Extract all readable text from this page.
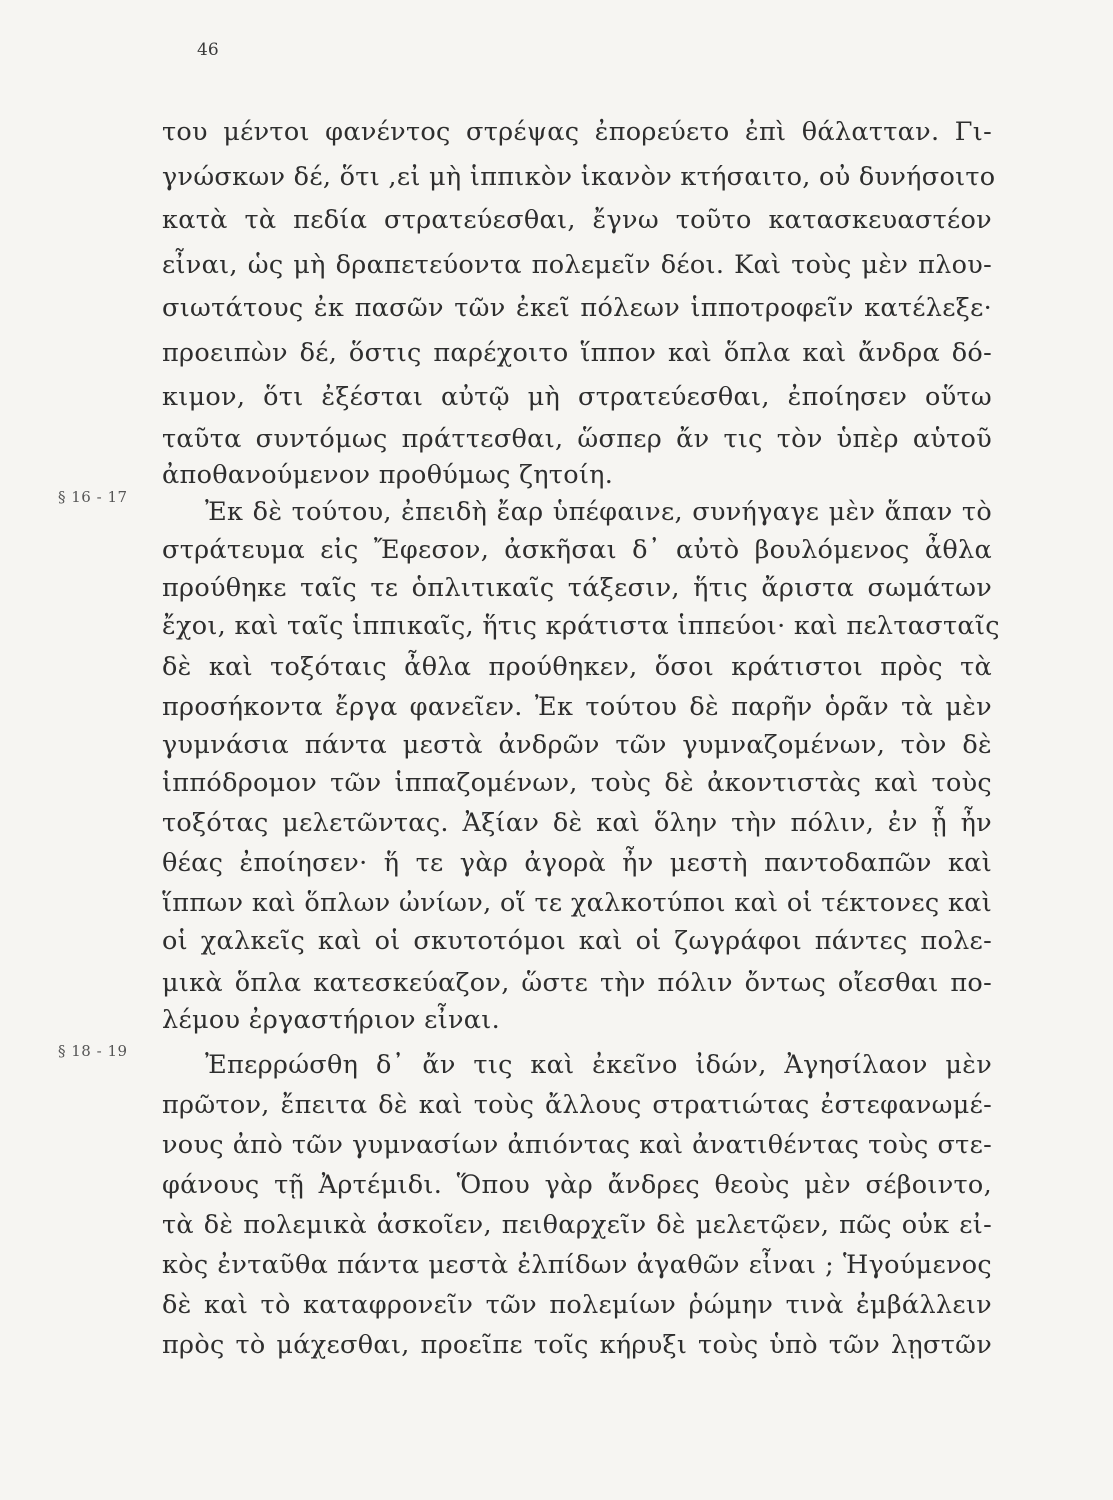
46
του μέντοι φανέντος στρέψας ἐπορεύετο ἐπὶ θάλατταν. Γι-
γνώσκων δέ, ὅτι ,εἰ μὴ ἱππικὸν ἱκανὸν κτήσαιτο, οὐ δυνήσοιτο
κατὰ τὰ πεδία στρατεύεσθαι, ἔγνω τοῦτο κατασκευαστέον
εἶναι, ὡς μὴ δραπετεύοντα πολεμεῖν δέοι. Καὶ τοὺς μὲν πλου-
σιωτάτους ἐκ πασῶν τῶν ἐκεῖ πόλεων ἱπποτροφεῖν κατέλεξε·
προειπὼν δέ, ὅστις παρέχοιτο ἵππον καὶ ὅπλα καὶ ἄνδρα δό-
κιμον, ὅτι ἐξέσται αὐτῷ μὴ στρατεύεσθαι, ἐποίησεν οὕτω
ταῦτα συντόμως πράττεσθαι, ὥσπερ ἄν τις τὸν ὑπὲρ αὑτοῦ
ἀποθανούμενον προθύμως ζητοίη.
§ 16 - 17	Ἐκ δὲ τούτου, ἐπειδὴ ἔαρ ὑπέφαινε, συνήγαγε μὲν ἅπαν τὸ
στράτευμα εἰς Ἔφεσον, ἀσκῆσαι δ᾽ αὐτὸ βουλόμενος ἆθλα
προύθηκε ταῖς τε ὁπλιτικαῖς τάξεσιν, ἥτις ἄριστα σωμάτων
ἔχοι, καὶ ταῖς ἱππικαῖς, ἥτις κράτιστα ἱππεύοι· καὶ πελτασταῖς
δὲ καὶ τοξόταις ἆθλα προύθηκεν, ὅσοι κράτιστοι πρὸς τὰ
προσήκοντα ἔργα φανεῖεν. Ἐκ τούτου δὲ παρῆν ὁρᾶν τὰ μὲν
γυμνάσια πάντα μεστὰ ἀνδρῶν τῶν γυμναζομένων, τὸν δὲ
ἱππόδρομον τῶν ἱππαζομένων, τοὺς δὲ ἀκοντιστὰς καὶ τοὺς
τοξότας μελετῶντας. Ἀξίαν δὲ καὶ ὅλην τὴν πόλιν, ἐν ᾗ ἦν
θέας ἐποίησεν· ἥ τε γὰρ ἀγορὰ ἦν μεστὴ παντοδαπῶν καὶ
ἵππων καὶ ὅπλων ὠνίων, οἵ τε χαλκοτύποι καὶ οἱ τέκτονες καὶ
οἱ χαλκεῖς καὶ οἱ σκυτοτόμοι καὶ οἱ ζωγράφοι πάντες πολε-
μικὰ ὅπλα κατεσκεύαζον, ὥστε τὴν πόλιν ὄντως οἴεσθαι πο-
λέμου ἐργαστήριον εἶναι.
§ 18 - 19	Ἐπερρώσθη δ᾽ ἄν τις καὶ ἐκεῖνο ἰδών, Ἀγησίλαον μὲν
πρῶτον, ἔπειτα δὲ καὶ τοὺς ἄλλους στρατιώτας ἐστεφανωμέ-
νους ἀπὸ τῶν γυμνασίων ἀπιόντας καὶ ἀνατιθέντας τοὺς στε-
φάνους τῇ Ἀρτέμιδι. Ὅπου γὰρ ἄνδρες θεοὺς μὲν σέβοιντο,
τὰ δὲ πολεμικὰ ἀσκοῖεν, πειθαρχεῖν δὲ μελετῷεν, πῶς οὐκ εἰ-
κὸς ἐνταῦθα πάντα μεστὰ ἐλπίδων ἀγαθῶν εἶναι ; Ἡγούμενος
δὲ καὶ τὸ καταφρονεῖν τῶν πολεμίων ῥώμην τινὰ ἐμβάλλειν
πρὸς τὸ μάχεσθαι, προεῖπε τοῖς κήρυξι τοὺς ὑπὸ τῶν λῃστῶν
